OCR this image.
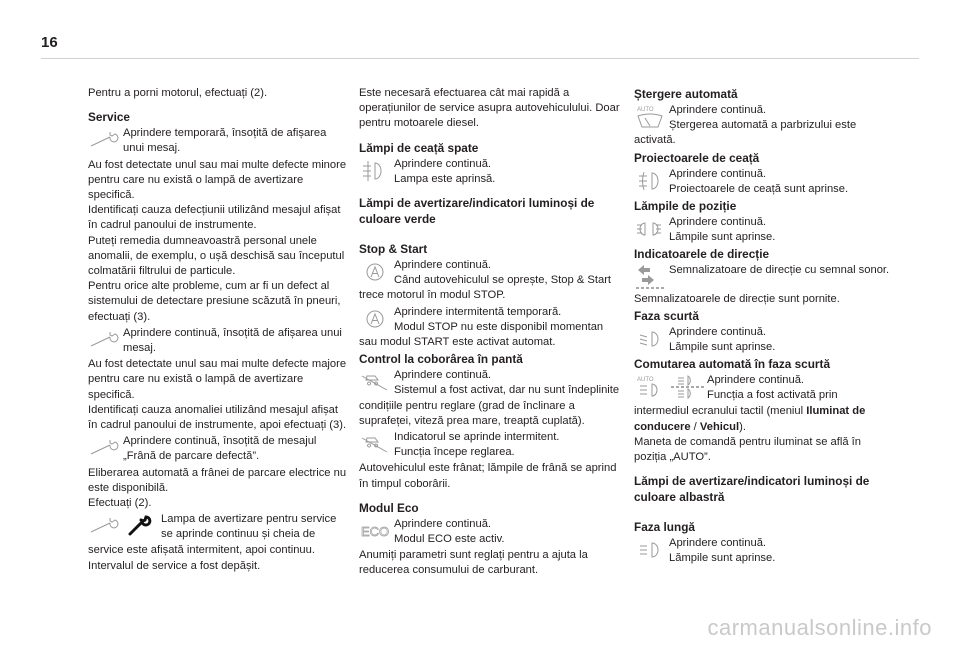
16

Pentru a porni motorul, efectuați (2).

Service

Aprindere temporară, însoțită de afișarea unui mesaj.

Au fost detectate unul sau mai multe defecte minore pentru care nu există o lampă de avertizare specifică.

Identificați cauza defecțiunii utilizând mesajul afișat în cadrul panoului de instrumente.

Puteți remedia dumneavoastră personal unele anomalii, de exemplu, o ușă deschisă sau începutul colmatării filtrului de particule.

Pentru orice alte probleme, cum ar fi un defect al sistemului de detectare presiune scăzută în pneuri, efectuați (3).

Aprindere continuă, însoțită de afișarea unui mesaj.

Au fost detectate unul sau mai multe defecte majore pentru care nu există o lampă de avertizare specifică.

Identificați cauza anomaliei utilizând mesajul afișat în cadrul panoului de instrumente, apoi efectuați (3).

Aprindere continuă, însoțită de mesajul „Frână de parcare defectă”.

Eliberarea automată a frânei de parcare electrice nu este disponibilă.

Efectuați (2).

Lampa de avertizare pentru service se aprinde continuu și cheia de service este afișată intermitent, apoi continuu.

Intervalul de service a fost depășit.

Este necesară efectuarea cât mai rapidă a operațiunilor de service asupra autovehiculului. Doar pentru motoarele diesel.

Lămpi de ceață spate

Aprindere continuă.

Lampa este aprinsă.

Lămpi de avertizare/indicatori luminoși de culoare verde

Stop & Start

Aprindere continuă.

Când autovehiculul se oprește, Stop & Start trece motorul în modul STOP.

Aprindere intermitentă temporară.

Modul STOP nu este disponibil momentan sau modul START este activat automat.

Control la coborârea în pantă

Aprindere continuă.

Sistemul a fost activat, dar nu sunt îndeplinite condițiile pentru reglare (grad de înclinare a suprafeței, viteză prea mare, treaptă cuplată).

Indicatorul se aprinde intermitent.

Funcția începe reglarea.

Autovehiculul este frânat; lămpile de frână se aprind în timpul coborârii.

Modul Eco

ECO Aprindere continuă.

Modul ECO este activ.

Anumiți parametri sunt reglați pentru a ajuta la reducerea consumului de carburant.

Ștergere automată

AUTO	Aprindere continuă.

Ștergerea automată a parbrizului este activată.

Proiectoarele de ceață

Aprindere continuă.

Proiectoarele de ceață sunt aprinse.

Lămpile de poziție

Aprindere continuă.

Lămpile sunt aprinse.

Indicatoarele de direcție

Semnalizatoare de direcție cu semnal sonor.

Semnalizatoarele de direcție sunt pornite.

Faza scurtă

Aprindere continuă.

Lămpile sunt aprinse.

Comutarea automată în faza scurtă

AUTO	Aprindere continuă.

Funcția a fost activată prin

intermediul ecranului tactil (meniul Iluminat de conducere / Vehicul).

Maneta de comandă pentru iluminat se află în poziția „AUTO”.

Lămpi de avertizare/indicatori luminoși de culoare albastră

Faza lungă

Aprindere continuă.

Lămpile sunt aprinse.

carmanualsonline.info
